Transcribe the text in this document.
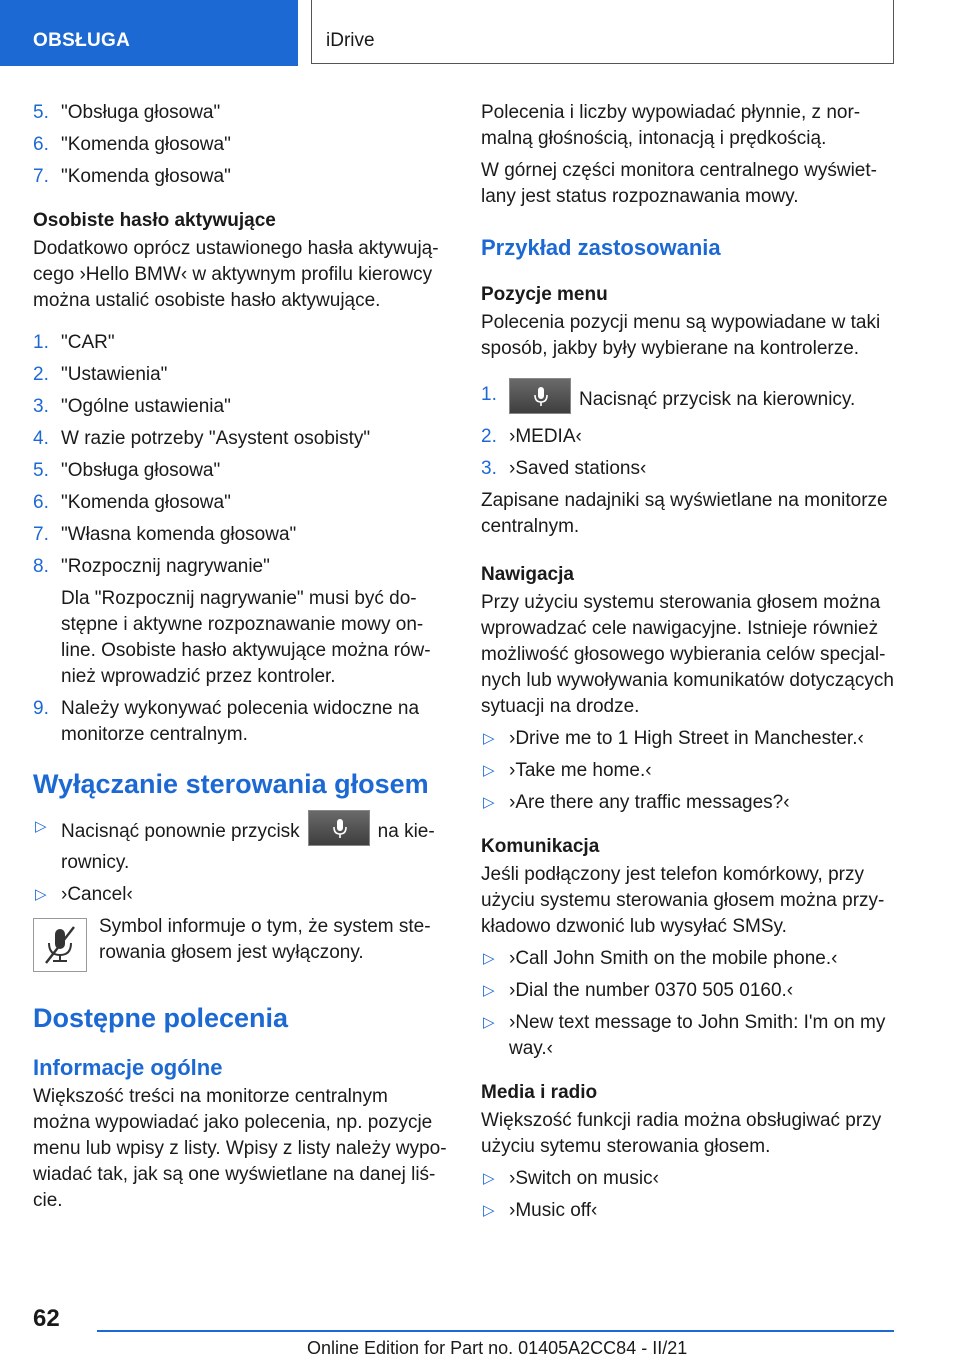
OBSŁUGA	iDrive
5. "Obsługa głosowa"
6. "Komenda głosowa"
7. "Komenda głosowa"

Osobiste hasło aktywujące

Dodatkowo oprócz ustawionego hasła aktywują-cego ›Hello BMW‹ w aktywnym profilu kierowcy można ustalić osobiste hasło aktywujące.

1. "CAR"
2. "Ustawienia"
3. "Ogólne ustawienia"
4. W razie potrzeby "Asystent osobisty"
5. "Obsługa głosowa"
6. "Komenda głosowa"
7. "Własna komenda głosowa"
8. "Rozpocznij nagrywanie"

Dla "Rozpocznij nagrywanie" musi być do-stępne i aktywne rozpoznawanie mowy on-line. Osobiste hasło aktywujące można rów-nież wprowadzić przez kontroler.

9. Należy wykonywać polecenia widoczne na monitorze centralnym.

Wyłączanie sterowania głosem

▷ Nacisnąć ponownie przycisk	na kie-rownicy.
▷ ›Cancel‹

Symbol informuje o tym, że system ste-rowania głosem jest wyłączony.

Dostępne polecenia

Informacje ogólne

Większość treści na monitorze centralnym można wypowiadać jako polecenia, np. pozycje menu lub wpisy z listy. Wpisy z listy należy wypo-wiadać tak, jak są one wyświetlane na danej liś-cie.

Polecenia i liczby wypowiadać płynnie, z nor-malną głośnością, intonacją i prędkością.

W górnej części monitora centralnego wyświet-lany jest status rozpoznawania mowy.

Przykład zastosowania

Pozycje menu

Polecenia pozycji menu są wypowiadane w taki sposób, jakby były wybierane na kontrolerze.

1.	Nacisnąć przycisk na kierownicy.
2. ›MEDIA‹
3. ›Saved stations‹

Zapisane nadajniki są wyświetlane na monitorze centralnym.

Nawigacja

Przy użyciu systemu sterowania głosem można wprowadzać cele nawigacyjne. Istnieje również możliwość głosowego wybierania celów specjal-nych lub wywoływania komunikatów dotyczących sytuacji na drodze.

▷ ›Drive me to 1 High Street in Manchester.‹
▷ ›Take me home.‹
▷ ›Are there any traffic messages?‹

Komunikacja

Jeśli podłączony jest telefon komórkowy, przy użyciu systemu sterowania głosem można przy-kładowo dzwonić lub wysyłać SMSy.

▷ ›Call John Smith on the mobile phone.‹
▷ ›Dial the number 0370 505 0160.‹
▷ ›New text message to John Smith: I'm on my way.‹

Media i radio

Większość funkcji radia można obsługiwać przy użyciu sytemu sterowania głosem.

▷ ›Switch on music‹
▷ ›Music off‹
62
Online Edition for Part no. 01405A2CC84 - II/21
